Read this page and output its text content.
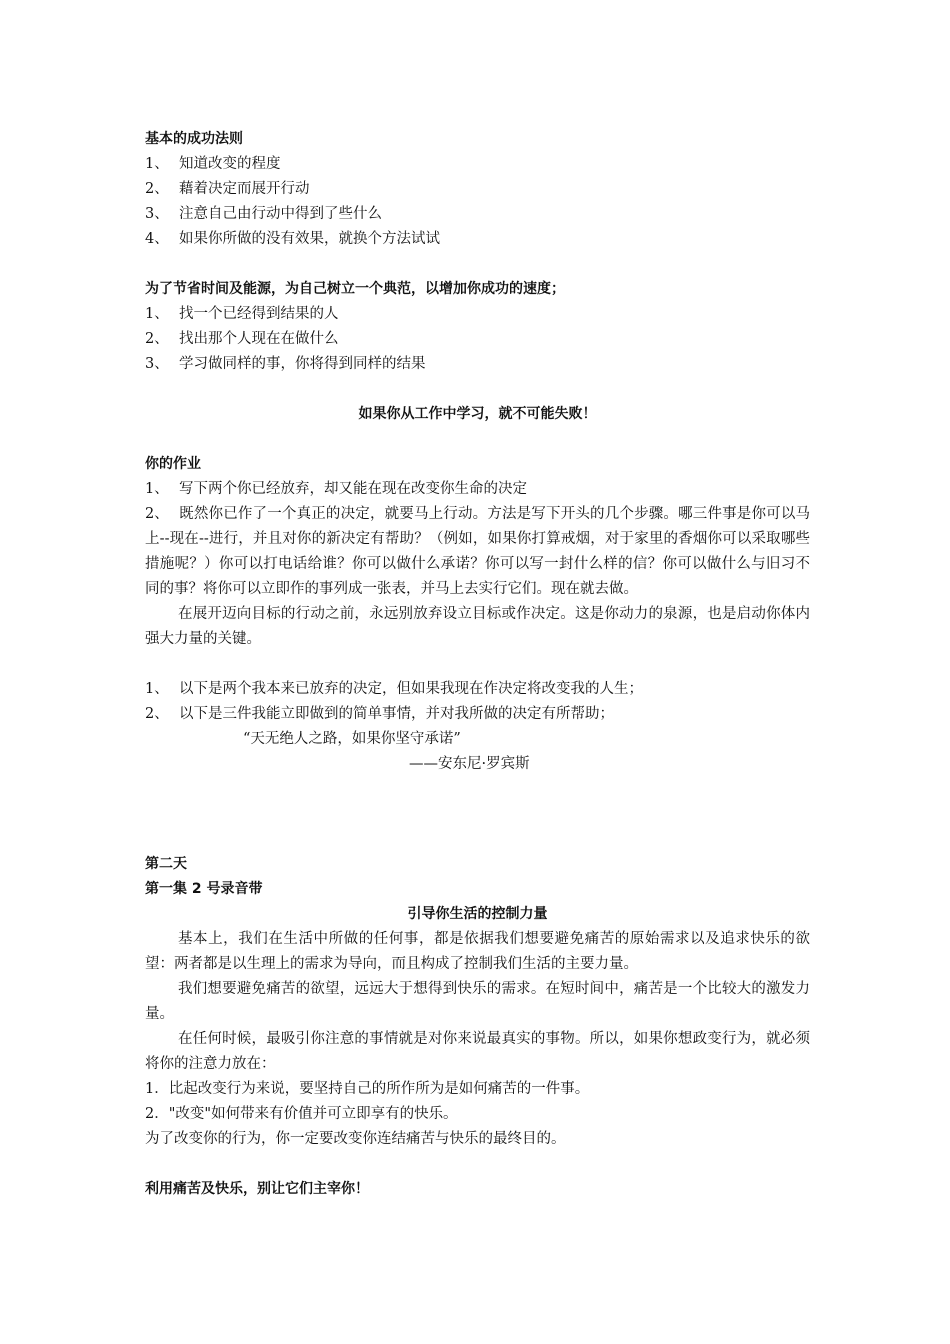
基本的成功法则
1、 知道改变的程度
2、 藉着决定而展开行动
3、 注意自己由行动中得到了些什么
4、 如果你所做的没有效果，就换个方法试试
为了节省时间及能源，为自己树立一个典范，以增加你成功的速度；
1、 找一个已经得到结果的人
2、 找出那个人现在在做什么
3、 学习做同样的事，你将得到同样的结果
如果你从工作中学习，就不可能失败！
你的作业
1、 写下两个你已经放弃，却又能在现在改变你生命的决定
2、 既然你已作了一个真正的决定，就要马上行动。方法是写下开头的几个步骤。哪三件事是你可以马上--现在--进行，并且对你的新决定有帮助？（例如，如果你打算戒烟，对于家里的香烟你可以采取哪些措施呢？）你可以打电话给谁？你可以做什么承诺？你可以写一封什么样的信？你可以做什么与旧习不同的事？将你可以立即作的事列成一张表，并马上去实行它们。现在就去做。
在展开迈向目标的行动之前，永远别放弃设立目标或作决定。这是你动力的泉源，也是启动你体内强大力量的关键。
1、 以下是两个我本来已放弃的决定，但如果我现在作决定将改变我的人生；
2、 以下是三件我能立即做到的简单事情，并对我所做的决定有所帮助；
“天无绝人之路，如果你坚守承诺”
——安东尼·罗宾斯
第二天
第一集 2 号录音带
引导你生活的控制力量
基本上，我们在生活中所做的任何事，都是依据我们想要避免痛苦的原始需求以及追求快乐的欲望：两者都是以生理上的需求为导向，而且构成了控制我们生活的主要力量。
我们想要避免痛苦的欲望，远远大于想得到快乐的需求。在短时间中，痛苦是一个比较大的激发力量。
在任何时候，最吸引你注意的事情就是对你来说最真实的事物。所以，如果你想政变行为，就必须将你的注意力放在：
1．比起改变行为来说，要坚持自己的所作所为是如何痛苦的一件事。
2．"改变"如何带来有价值并可立即享有的快乐。
为了改变你的行为，你一定要改变你连结痛苦与快乐的最终目的。
利用痛苦及快乐，别让它们主宰你！
